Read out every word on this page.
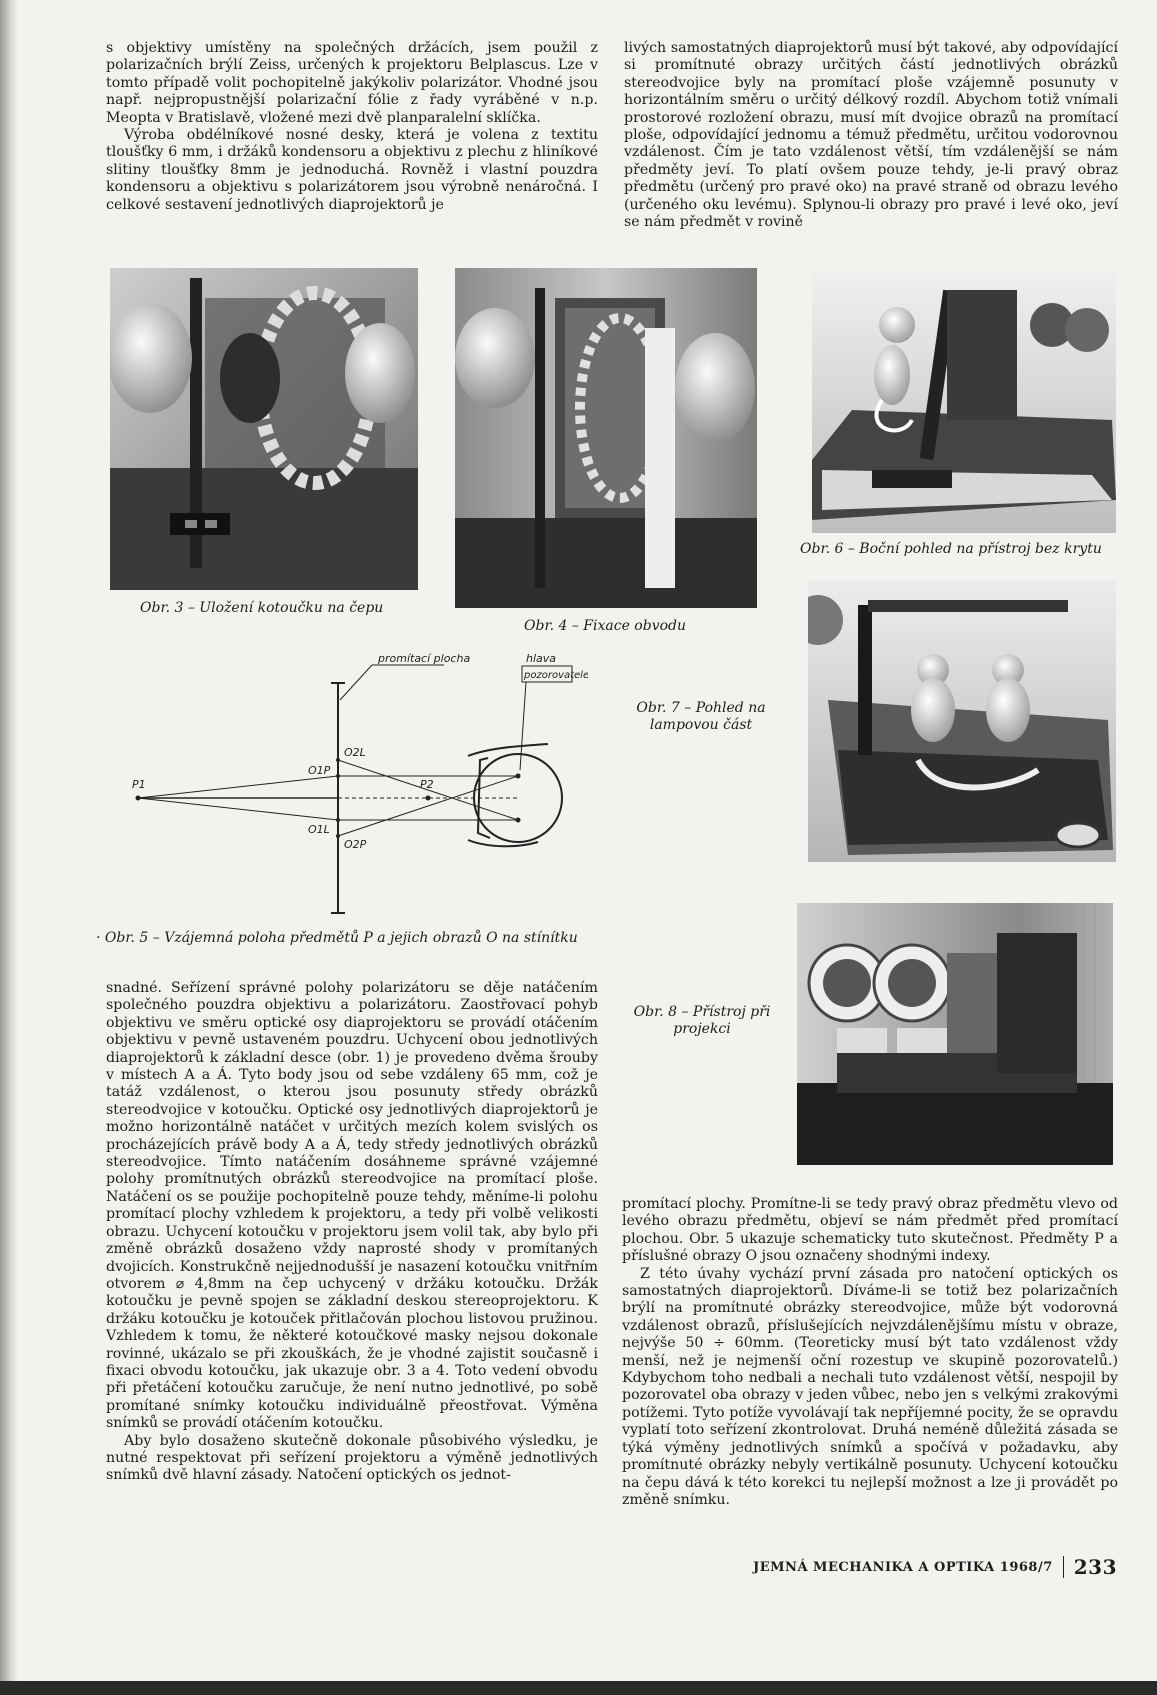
s objektivy umístěny na společných držácích, jsem použil z polarizačních brýlí Zeiss, určených k projektoru Belplascus. Lze v tomto případě volit pochopitelně jakýkoliv polarizátor. Vhodné jsou např. nejpropustnější polarizační fólie z řady vyráběné v n.p. Meopta v Bratislavě, vložené mezi dvě planparalelní sklíčka.

Výroba obdélníkové nosné desky, která je volena z textitu tloušťky 6 mm, i držáků kondensoru a objektivu z plechu z hliníkové slitiny tloušťky 8mm je jednoduchá. Rovněž i vlastní pouzdra kondensoru a objektivu s polarizátorem jsou výrobně nenáročná. I celkové sestavení jednotlivých diaprojektorů je

livých samostatných diaprojektorů musí být takové, aby odpovídající si promítnuté obrazy určitých částí jednotlivých obrázků stereodvojice byly na promítací ploše vzájemně posunuty v horizontálním směru o určitý délkový rozdíl. Abychom totiž vnímali prostorové rozložení obrazu, musí mít dvojice obrazů na promítací ploše, odpovídající jednomu a témuž předmětu, určitou vodorovnou vzdálenost. Čím je tato vzdálenost větší, tím vzdálenější se nám předměty jeví. To platí ovšem pouze tehdy, je-li pravý obraz předmětu (určený pro pravé oko) na pravé straně od obrazu levého (určeného oku levému). Splynou-li obrazy pro pravé i levé oko, jeví se nám předmět v rovině

Obr. 3 – Uložení kotoučku na čepu
Obr. 4 – Fixace obvodu
Obr. 6 – Boční pohled na přístroj bez krytu
Obr. 7 – Pohled na lampovou část
promítací plocha	hlava
pozorovatele
P1	P2
O2L
O1P
O1L
O2P
· Obr. 5 – Vzájemná poloha předmětů P a jejich obrazů O na stínítku
Obr. 8 – Přístroj při projekci

snadné. Seřízení správné polohy polarizátoru se děje natáčením společného pouzdra objektivu a polarizátoru. Zaostřovací pohyb objektivu ve směru optické osy diaprojektoru se provádí otáčením objektivu v pevně ustaveném pouzdru. Uchycení obou jednotlivých diaprojektorů k základní desce (obr. 1) je provedeno dvěma šrouby v místech A a Á. Tyto body jsou od sebe vzdáleny 65 mm, což je tatáž vzdálenost, o kterou jsou posunuty středy obrázků stereodvojice v kotoučku. Optické osy jednotlivých diaprojektorů je možno horizontálně natáčet v určitých mezích kolem svislých os procházejících právě body A a Á, tedy středy jednotlivých obrázků stereodvojice. Tímto natáčením dosáhneme správné vzájemné polohy promítnutých obrázků stereodvojice na promítací ploše. Natáčení os se použije pochopitelně pouze tehdy, měníme-li polohu promítací plochy vzhledem k projektoru, a tedy při volbě velikosti obrazu. Uchycení kotoučku v projektoru jsem volil tak, aby bylo při změně obrázků dosaženo vždy naprosté shody v promítaných dvojicích. Konstrukčně nejjednodušší je nasazení kotoučku vnitřním otvorem ⌀ 4,8mm na čep uchycený v držáku kotoučku. Držák kotoučku je pevně spojen se základní deskou stereoprojektoru. K držáku kotoučku je kotouček přitlačován plochou listovou pružinou. Vzhledem k tomu, že některé kotoučkové masky nejsou dokonale rovinné, ukázalo se při zkouškách, že je vhodné zajistit současně i fixaci obvodu kotoučku, jak ukazuje obr. 3 a 4. Toto vedení obvodu při přetáčení kotoučku zaručuje, že není nutno jednotlivé, po sobě promítané snímky kotoučku individuálně přeostřovat. Výměna snímků se provádí otáčením kotoučku.

Aby bylo dosaženo skutečně dokonale působivého výsledku, je nutné respektovat při seřízení projektoru a výměně jednotlivých snímků dvě hlavní zásady. Natočení optických os jednot-

promítací plochy. Promítne-li se tedy pravý obraz předmětu vlevo od levého obrazu předmětu, objeví se nám předmět před promítací plochou. Obr. 5 ukazuje schematicky tuto skutečnost. Předměty P a příslušné obrazy O jsou označeny shodnými indexy.

Z této úvahy vychází první zásada pro natočení optických os samostatných diaprojektorů. Díváme-li se totiž bez polarizačních brýlí na promítnuté obrázky stereodvojice, může být vodorovná vzdálenost obrazů, příslušejících nejvzdálenějšímu místu v obraze, nejvýše 50 ÷ 60mm. (Teoreticky musí být tato vzdálenost vždy menší, než je nejmenší oční rozestup ve skupině pozorovatelů.) Kdybychom toho nedbali a nechali tuto vzdálenost větší, nespojil by pozorovatel oba obrazy v jeden vůbec, nebo jen s velkými zrakovými potížemi. Tyto potíže vyvolávají tak nepříjemné pocity, že se opravdu vyplatí toto seřízení zkontrolovat. Druhá neméně důležitá zásada se týká výměny jednotlivých snímků a spočívá v požadavku, aby promítnuté obrázky nebyly vertikálně posunuty. Uchycení kotoučku na čepu dává k této korekci tu nejlepší možnost a lze ji provádět po změně snímku.

JEMNÁ MECHANIKA A OPTIKA 1968/7 233
